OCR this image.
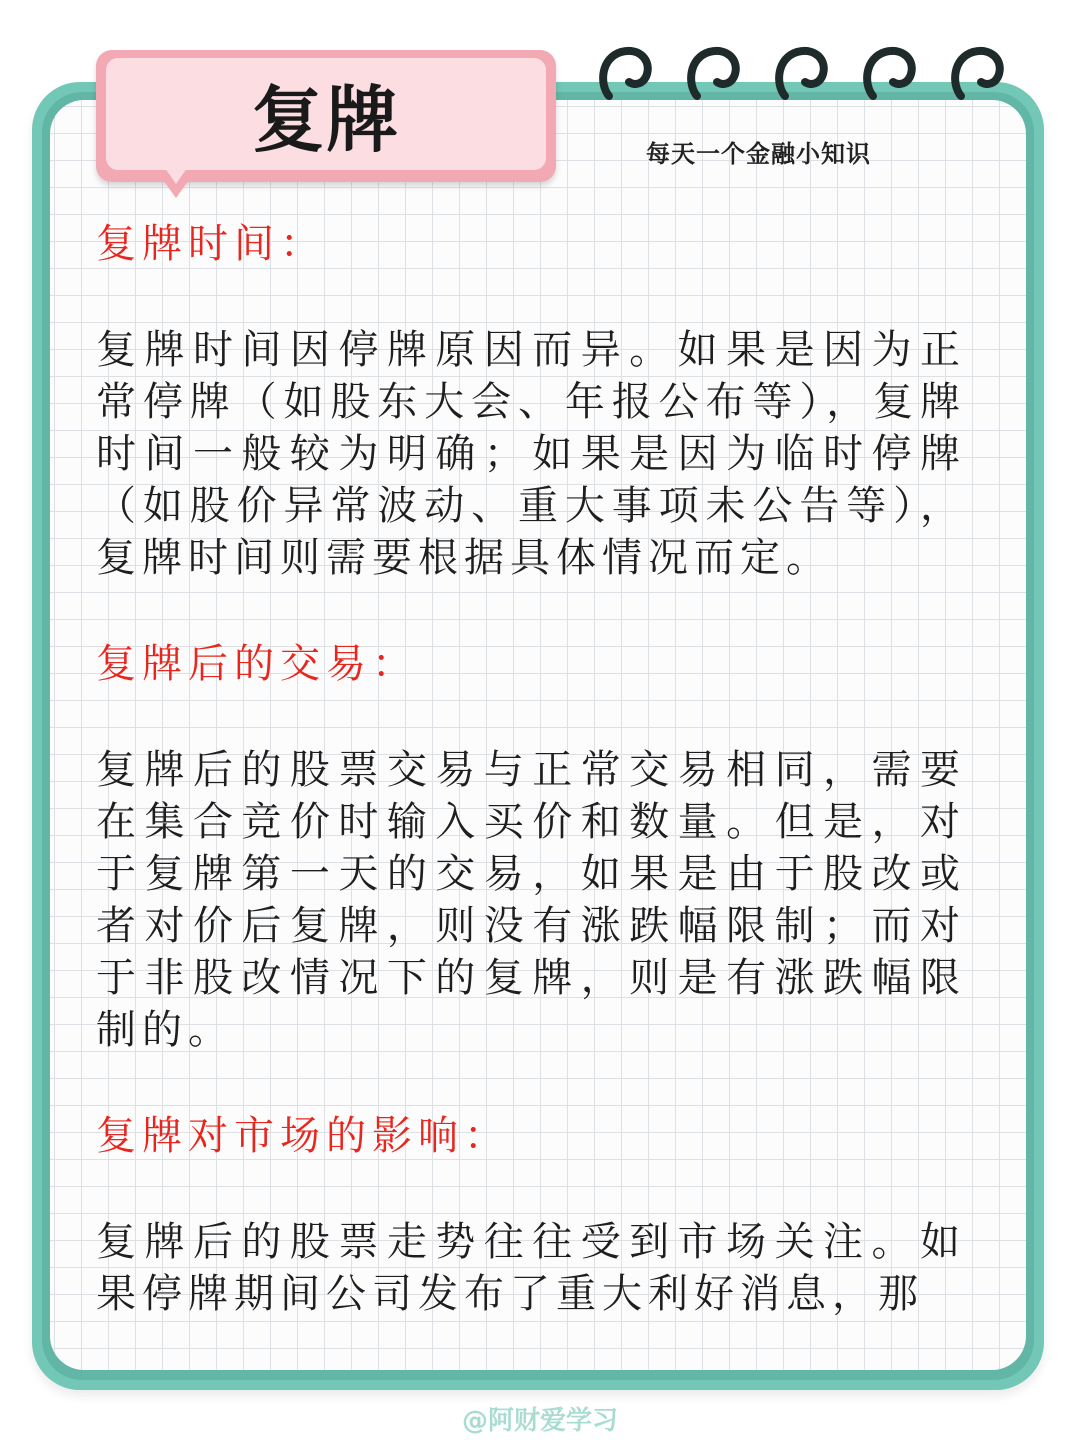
复牌	每天一个金融小知识

复牌时间：

复牌时间因停牌原因而异。如果是因为正常停牌（如股东大会、年报公布等），复牌时间一般较为明确；如果是因为临时停牌（如股价异常波动、重大事项未公告等），复牌时间则需要根据具体情况而定。

复牌后的交易：

复牌后的股票交易与正常交易相同，需要在集合竞价时输入买价和数量。但是，对于复牌第一天的交易，如果是由于股改或者对价后复牌，则没有涨跌幅限制；而对于非股改情况下的复牌，则是有涨跌幅限制的。

复牌对市场的影响：

复牌后的股票走势往往受到市场关注。如果停牌期间公司发布了重大利好消息，那

@阿财爱学习
